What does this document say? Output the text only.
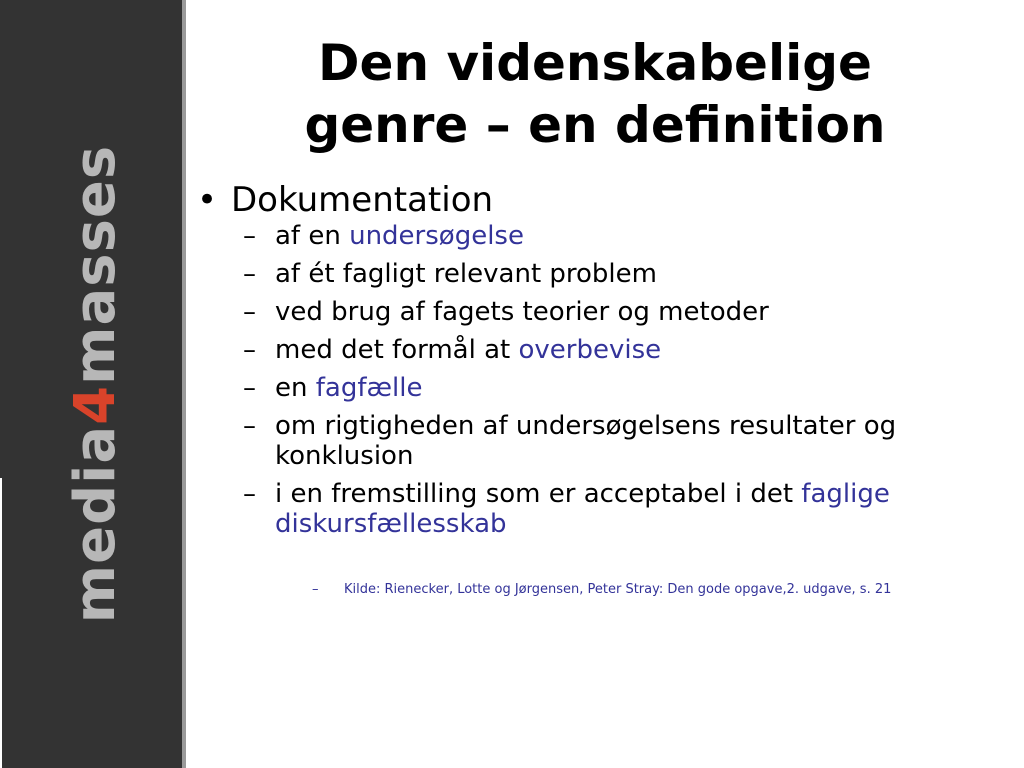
media4masses
Den videnskabelige
genre – en definition
• Dokumentation
– af en undersøgelse
– af ét fagligt relevant problem
– ved brug af fagets teorier og metoder
– med det formål at overbevise
– en fagfælle
– om rigtigheden af undersøgelsens resultater og konklusion
– i en fremstilling som er acceptabel i det faglige diskursfællesskab
– Kilde: Rienecker, Lotte og Jørgensen, Peter Stray: Den gode opgave,2. udgave, s. 21
